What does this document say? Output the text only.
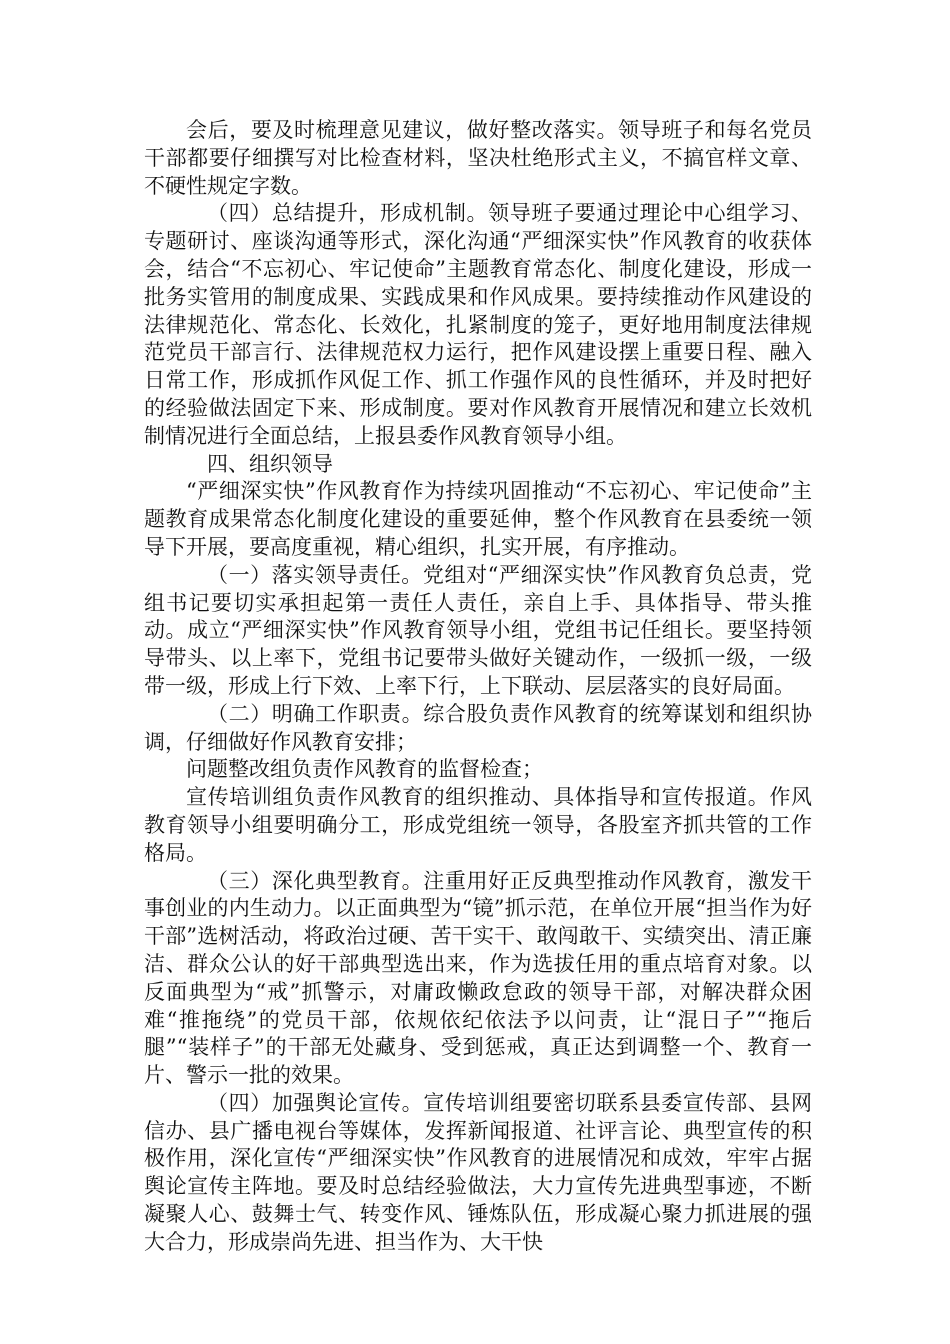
会后，要及时梳理意见建议，做好整改落实。领导班子和每名党员干部都要仔细撰写对比检查材料，坚决杜绝形式主义，不搞官样文章、不硬性规定字数。

（四）总结提升，形成机制。领导班子要通过理论中心组学习、专题研讨、座谈沟通等形式，深化沟通“严细深实快”作风教育的收获体会，结合“不忘初心、牢记使命”主题教育常态化、制度化建设，形成一批务实管用的制度成果、实践成果和作风成果。要持续推动作风建设的法律规范化、常态化、长效化，扎紧制度的笼子，更好地用制度法律规范党员干部言行、法律规范权力运行，把作风建设摆上重要日程、融入日常工作，形成抓作风促工作、抓工作强作风的良性循环，并及时把好的经验做法固定下来、形成制度。要对作风教育开展情况和建立长效机制情况进行全面总结，上报县委作风教育领导小组。

四、组织领导

“严细深实快”作风教育作为持续巩固推动“不忘初心、牢记使命”主题教育成果常态化制度化建设的重要延伸，整个作风教育在县委统一领导下开展，要高度重视，精心组织，扎实开展，有序推动。

（一）落实领导责任。党组对“严细深实快”作风教育负总责，党组书记要切实承担起第一责任人责任，亲自上手、具体指导、带头推动。成立“严细深实快”作风教育领导小组，党组书记任组长。要坚持领导带头、以上率下，党组书记要带头做好关键动作，一级抓一级，一级带一级，形成上行下效、上率下行，上下联动、层层落实的良好局面。

（二）明确工作职责。综合股负责作风教育的统筹谋划和组织协调，仔细做好作风教育安排；

问题整改组负责作风教育的监督检查；

宣传培训组负责作风教育的组织推动、具体指导和宣传报道。作风教育领导小组要明确分工，形成党组统一领导，各股室齐抓共管的工作格局。

（三）深化典型教育。注重用好正反典型推动作风教育，激发干事创业的内生动力。以正面典型为“镜”抓示范，在单位开展“担当作为好干部”选树活动，将政治过硬、苦干实干、敢闯敢干、实绩突出、清正廉洁、群众公认的好干部典型选出来，作为选拔任用的重点培育对象。以反面典型为“戒”抓警示，对庸政懒政怠政的领导干部，对解决群众困难“推拖绕”的党员干部，依规依纪依法予以问责，让“混日子”“拖后腿”“装样子”的干部无处藏身、受到惩戒，真正达到调整一个、教育一片、警示一批的效果。

（四）加强舆论宣传。宣传培训组要密切联系县委宣传部、县网信办、县广播电视台等媒体，发挥新闻报道、社评言论、典型宣传的积极作用，深化宣传“严细深实快”作风教育的进展情况和成效，牢牢占据舆论宣传主阵地。要及时总结经验做法，大力宣传先进典型事迹，不断凝聚人心、鼓舞士气、转变作风、锤炼队伍，形成凝心聚力抓进展的强大合力，形成崇尚先进、担当作为、大干快
